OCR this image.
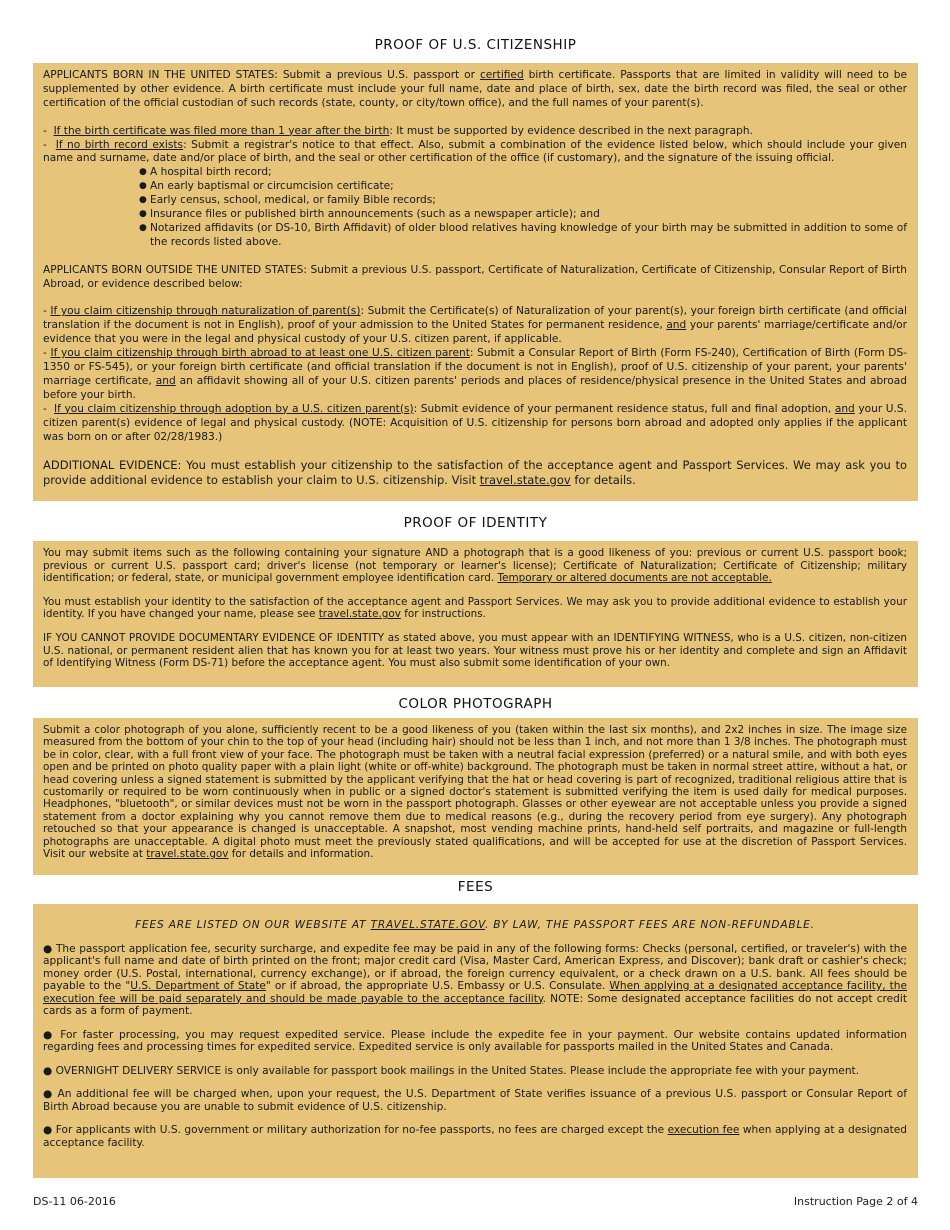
PROOF OF U.S. CITIZENSHIP

APPLICANTS BORN IN THE UNITED STATES: Submit a previous U.S. passport or certified birth certificate. Passports that are limited in validity will need to be supplemented by other evidence. A birth certificate must include your full name, date and place of birth, sex, date the birth record was filed, the seal or other certification of the official custodian of such records (state, county, or city/town office), and the full names of your parent(s).

-  If the birth certificate was filed more than 1 year after the birth: It must be supported by evidence described in the next paragraph.

-  If no birth record exists: Submit a registrar's notice to that effect. Also, submit a combination of the evidence listed below, which should include your given name and surname, date and/or place of birth, and the seal or other certification of the office (if customary), and the signature of the issuing official.

● A hospital birth record;
● An early baptismal or circumcision certificate;
● Early census, school, medical, or family Bible records;
● Insurance files or published birth announcements (such as a newspaper article); and
● Notarized affidavits (or DS-10, Birth Affidavit) of older blood relatives having knowledge of your birth may be submitted in addition to some of the records listed above.

APPLICANTS BORN OUTSIDE THE UNITED STATES: Submit a previous U.S. passport, Certificate of Naturalization, Certificate of Citizenship, Consular Report of Birth Abroad, or evidence described below:

- If you claim citizenship through naturalization of parent(s): Submit the Certificate(s) of Naturalization of your parent(s), your foreign birth certificate (and official translation if the document is not in English), proof of your admission to the United States for permanent residence, and your parents' marriage/certificate and/or evidence that you were in the legal and physical custody of your U.S. citizen parent, if applicable.

- If you claim citizenship through birth abroad to at least one U.S. citizen parent: Submit a Consular Report of Birth (Form FS-240), Certification of Birth (Form DS-1350 or FS-545), or your foreign birth certificate (and official translation if the document is not in English), proof of U.S. citizenship of your parent, your parents' marriage certificate, and an affidavit showing all of your U.S. citizen parents' periods and places of residence/physical presence in the United States and abroad before your birth.

-  If you claim citizenship through adoption by a U.S. citizen parent(s): Submit evidence of your permanent residence status, full and final adoption, and your U.S. citizen parent(s) evidence of legal and physical custody. (NOTE: Acquisition of U.S. citizenship for persons born abroad and adopted only applies if the applicant was born on or after 02/28/1983.)

ADDITIONAL EVIDENCE: You must establish your citizenship to the satisfaction of the acceptance agent and Passport Services. We may ask you to provide additional evidence to establish your claim to U.S. citizenship. Visit travel.state.gov for details.

PROOF OF IDENTITY

You may submit items such as the following containing your signature AND a photograph that is a good likeness of you: previous or current U.S. passport book; previous or current U.S. passport card; driver's license (not temporary or learner's license); Certificate of Naturalization; Certificate of Citizenship; military identification; or federal, state, or municipal government employee identification card. Temporary or altered documents are not acceptable.

You must establish your identity to the satisfaction of the acceptance agent and Passport Services. We may ask you to provide additional evidence to establish your identity. If you have changed your name, please see travel.state.gov for instructions.

IF YOU CANNOT PROVIDE DOCUMENTARY EVIDENCE OF IDENTITY as stated above, you must appear with an IDENTIFYING WITNESS, who is a U.S. citizen, non-citizen U.S. national, or permanent resident alien that has known you for at least two years. Your witness must prove his or her identity and complete and sign an Affidavit of Identifying Witness (Form DS-71) before the acceptance agent. You must also submit some identification of your own.

COLOR PHOTOGRAPH

Submit a color photograph of you alone, sufficiently recent to be a good likeness of you (taken within the last six months), and 2x2 inches in size. The image size measured from the bottom of your chin to the top of your head (including hair) should not be less than 1 inch, and not more than 1 3/8 inches. The photograph must be in color, clear, with a full front view of your face. The photograph must be taken with a neutral facial expression (preferred) or a natural smile, and with both eyes open and be printed on photo quality paper with a plain light (white or off-white) background. The photograph must be taken in normal street attire, without a hat, or head covering unless a signed statement is submitted by the applicant verifying that the hat or head covering is part of recognized, traditional religious attire that is customarily or required to be worn continuously when in public or a signed doctor's statement is submitted verifying the item is used daily for medical purposes. Headphones, "bluetooth", or similar devices must not be worn in the passport photograph. Glasses or other eyewear are not acceptable unless you provide a signed statement from a doctor explaining why you cannot remove them due to medical reasons (e.g., during the recovery period from eye surgery). Any photograph retouched so that your appearance is changed is unacceptable. A snapshot, most vending machine prints, hand-held self portraits, and magazine or full-length photographs are unacceptable. A digital photo must meet the previously stated qualifications, and will be accepted for use at the discretion of Passport Services. Visit our website at travel.state.gov for details and information.

FEES

FEES ARE LISTED ON OUR WEBSITE AT TRAVEL.STATE.GOV. BY LAW, THE PASSPORT FEES ARE NON-REFUNDABLE.

● The passport application fee, security surcharge, and expedite fee may be paid in any of the following forms: Checks (personal, certified, or traveler's) with the applicant's full name and date of birth printed on the front; major credit card (Visa, Master Card, American Express, and Discover); bank draft or cashier's check; money order (U.S. Postal, international, currency exchange), or if abroad, the foreign currency equivalent, or a check drawn on a U.S. bank. All fees should be payable to the "U.S. Department of State" or if abroad, the appropriate U.S. Embassy or U.S. Consulate. When applying at a designated acceptance facility, the execution fee will be paid separately and should be made payable to the acceptance facility. NOTE: Some designated acceptance facilities do not accept credit cards as a form of payment.

● For faster processing, you may request expedited service. Please include the expedite fee in your payment. Our website contains updated information regarding fees and processing times for expedited service. Expedited service is only available for passports mailed in the United States and Canada.

● OVERNIGHT DELIVERY SERVICE is only available for passport book mailings in the United States. Please include the appropriate fee with your payment.

● An additional fee will be charged when, upon your request, the U.S. Department of State verifies issuance of a previous U.S. passport or Consular Report of Birth Abroad because you are unable to submit evidence of U.S. citizenship.

● For applicants with U.S. government or military authorization for no-fee passports, no fees are charged except the execution fee when applying at a designated acceptance facility.

DS-11 06-2016	Instruction Page 2 of 4
